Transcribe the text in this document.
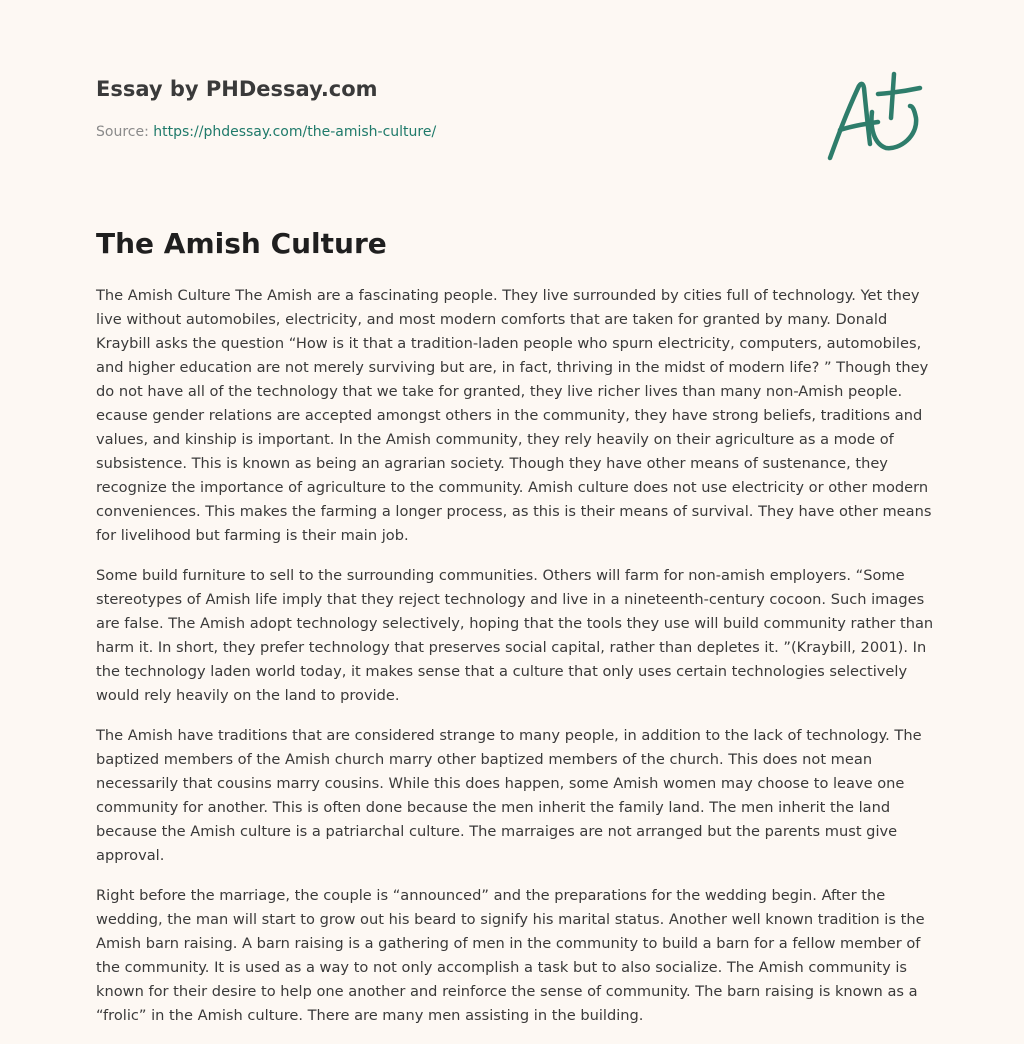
Essay by PHDessay.com
Source: https://phdessay.com/the-amish-culture/
The Amish Culture

The Amish Culture The Amish are a fascinating people. They live surrounded by cities full of technology. Yet they live without automobiles, electricity, and most modern comforts that are taken for granted by many. Donald Kraybill asks the question “How is it that a tradition-laden people who spurn electricity, computers, automobiles, and higher education are not merely surviving but are, in fact, thriving in the midst of modern life? ” Though they do not have all of the technology that we take for granted, they live richer lives than many non-Amish people. ecause gender relations are accepted amongst others in the community, they have strong beliefs, traditions and values, and kinship is important. In the Amish community, they rely heavily on their agriculture as a mode of subsistence. This is known as being an agrarian society. Though they have other means of sustenance, they recognize the importance of agriculture to the community. Amish culture does not use electricity or other modern conveniences. This makes the farming a longer process, as this is their means of survival. They have other means for livelihood but farming is their main job.

Some build furniture to sell to the surrounding communities. Others will farm for non-amish employers. “Some stereotypes of Amish life imply that they reject technology and live in a nineteenth-century cocoon. Such images are false. The Amish adopt technology selectively, hoping that the tools they use will build community rather than harm it. In short, they prefer technology that preserves social capital, rather than depletes it. ”(Kraybill, 2001). In the technology laden world today, it makes sense that a culture that only uses certain technologies selectively would rely heavily on the land to provide.

The Amish have traditions that are considered strange to many people, in addition to the lack of technology. The baptized members of the Amish church marry other baptized members of the church. This does not mean necessarily that cousins marry cousins. While this does happen, some Amish women may choose to leave one community for another. This is often done because the men inherit the family land. The men inherit the land because the Amish culture is a patriarchal culture. The marraiges are not arranged but the parents must give approval.

Right before the marriage, the couple is “announced” and the preparations for the wedding begin. After the wedding, the man will start to grow out his beard to signify his marital status. Another well known tradition is the Amish barn raising. A barn raising is a gathering of men in the community to build a barn for a fellow member of the community. It is used as a way to not only accomplish a task but to also socialize. The Amish community is known for their desire to help one another and reinforce the sense of community. The barn raising is known as a “frolic” in the Amish culture. There are many men assisting in the building.
